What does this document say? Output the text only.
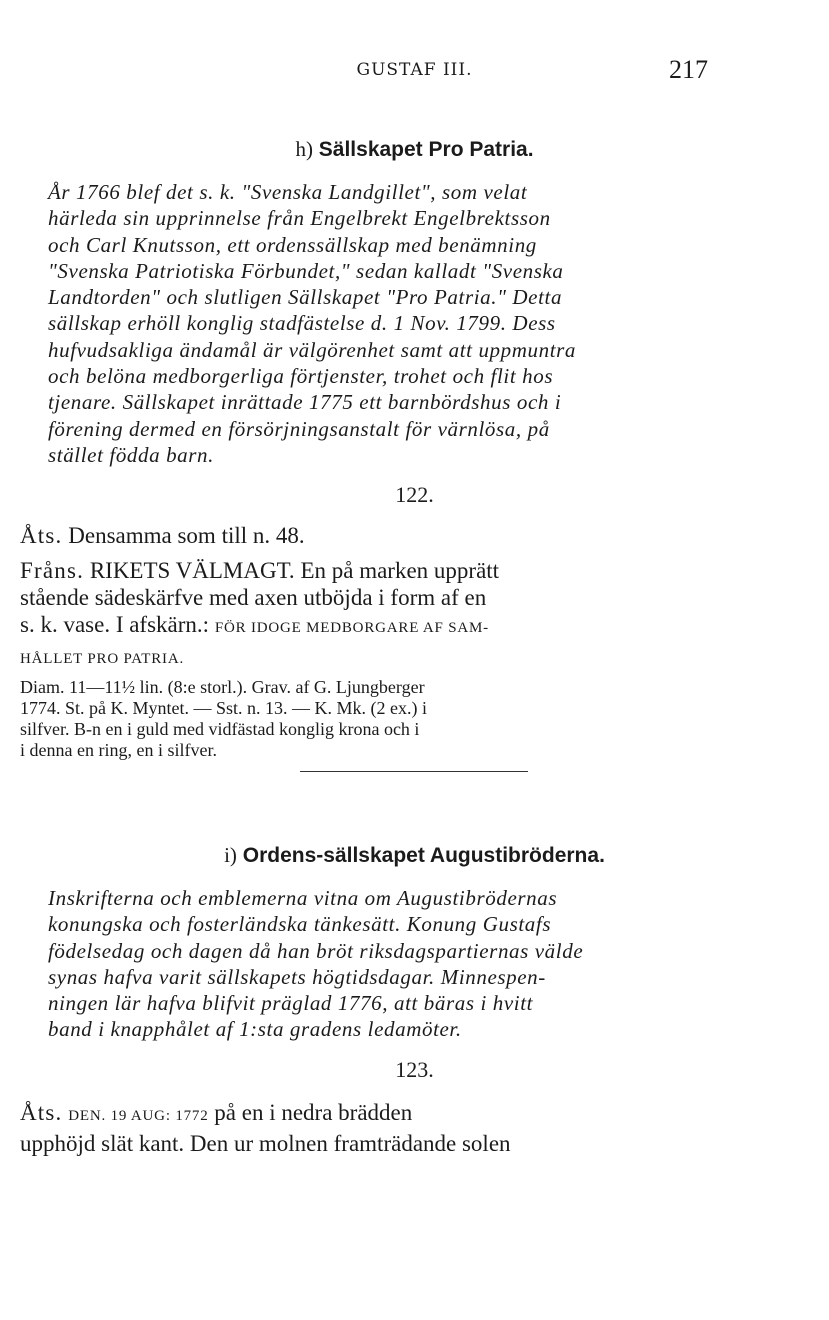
GUSTAF III.	217
h) Sällskapet Pro Patria.

År 1766 blef det s. k. "Svenska Landgillet", som velat

härleda sin upprinnelse från Engelbrekt Engelbrektsson

och Carl Knutsson, ett ordenssällskap med benämning

"Svenska Patriotiska Förbundet," sedan kalladt "Svenska

Landtorden" och slutligen Sällskapet "Pro Patria." Detta

sällskap erhöll konglig stadfästelse d. 1 Nov. 1799. Dess

hufvudsakliga ändamål är välgörenhet samt att uppmuntra

och belöna medborgerliga förtjenster, trohet och flit hos

tjenare. Sällskapet inrättade 1775 ett barnbördshus och i

förening dermed en försörjningsanstalt för värnlösa, på

stället födda barn.

122.

Åts. Densamma som till n. 48.

Fråns. RIKETS VÄLMAGT. En på marken upprätt

stående sädeskärfve med axen utböjda i form af en

s. k. vase. I afskärn.: FÖR IDOGE MEDBORGARE AF SAM-

HÅLLET PRO PATRIA.

Diam. 11—11½ lin. (8:e storl.). Grav. af G. Ljungberger

1774. St. på K. Myntet. — Sst. n. 13. — K. Mk. (2 ex.) i

silfver. B-n en i guld med vidfästad konglig krona och i

i denna en ring, en i silfver.

i) Ordens-sällskapet Augustibröderna.

Inskrifterna och emblemerna vitna om Augustibrödernas

konungska och fosterländska tänkesätt. Konung Gustafs

födelsedag och dagen då han bröt riksdagspartiernas välde

synas hafva varit sällskapets högtidsdagar. Minnespen-

ningen lär hafva blifvit präglad 1776, att bäras i hvitt

band i knapphålet af 1:sta gradens ledamöter.

123.

Åts. DEN. 19 AUG: 1772 på en i nedra brädden

upphöjd slät kant. Den ur molnen framträdande solen
